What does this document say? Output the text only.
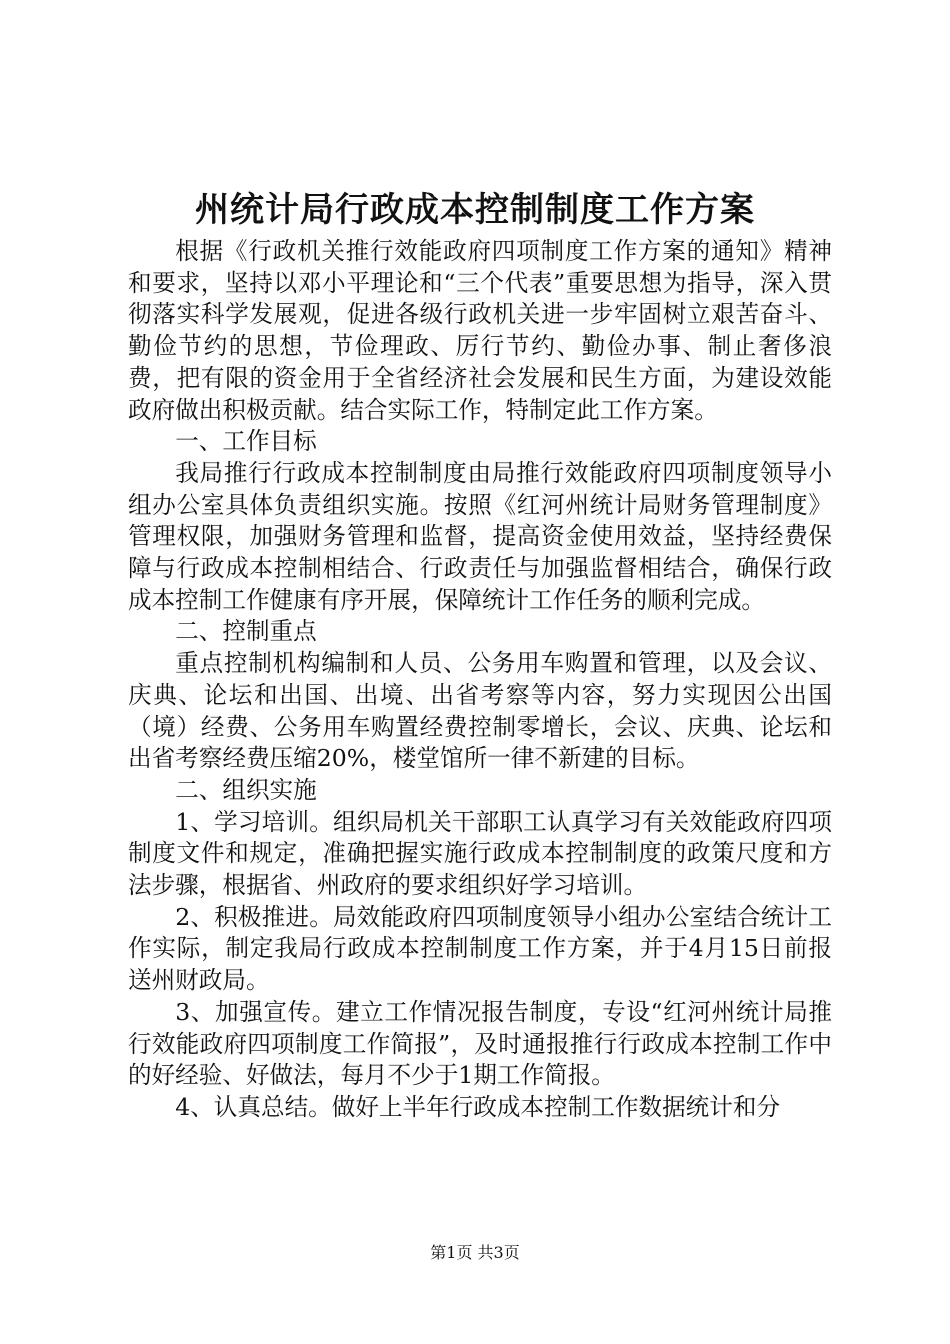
州统计局行政成本控制制度工作方案

根据《行政机关推行效能政府四项制度工作方案的通知》精神和要求，坚持以邓小平理论和“三个代表”重要思想为指导，深入贯彻落实科学发展观，促进各级行政机关进一步牢固树立艰苦奋斗、勤俭节约的思想，节俭理政、厉行节约、勤俭办事、制止奢侈浪费，把有限的资金用于全省经济社会发展和民生方面，为建设效能政府做出积极贡献。结合实际工作，特制定此工作方案。

一、工作目标

我局推行行政成本控制制度由局推行效能政府四项制度领导小组办公室具体负责组织实施。按照《红河州统计局财务管理制度》管理权限，加强财务管理和监督，提高资金使用效益，坚持经费保障与行政成本控制相结合、行政责任与加强监督相结合，确保行政成本控制工作健康有序开展，保障统计工作任务的顺利完成。

二、控制重点

重点控制机构编制和人员、公务用车购置和管理，以及会议、庆典、论坛和出国、出境、出省考察等内容，努力实现因公出国（境）经费、公务用车购置经费控制零增长，会议、庆典、论坛和出省考察经费压缩20%，楼堂馆所一律不新建的目标。

二、组织实施

1、学习培训。组织局机关干部职工认真学习有关效能政府四项制度文件和规定，准确把握实施行政成本控制制度的政策尺度和方法步骤，根据省、州政府的要求组织好学习培训。

2、积极推进。局效能政府四项制度领导小组办公室结合统计工作实际，制定我局行政成本控制制度工作方案，并于4月15日前报送州财政局。

3、加强宣传。建立工作情况报告制度，专设“红河州统计局推行效能政府四项制度工作简报”，及时通报推行行政成本控制工作中的好经验、好做法，每月不少于1期工作简报。

4、认真总结。做好上半年行政成本控制工作数据统计和分

第1页 共3页
